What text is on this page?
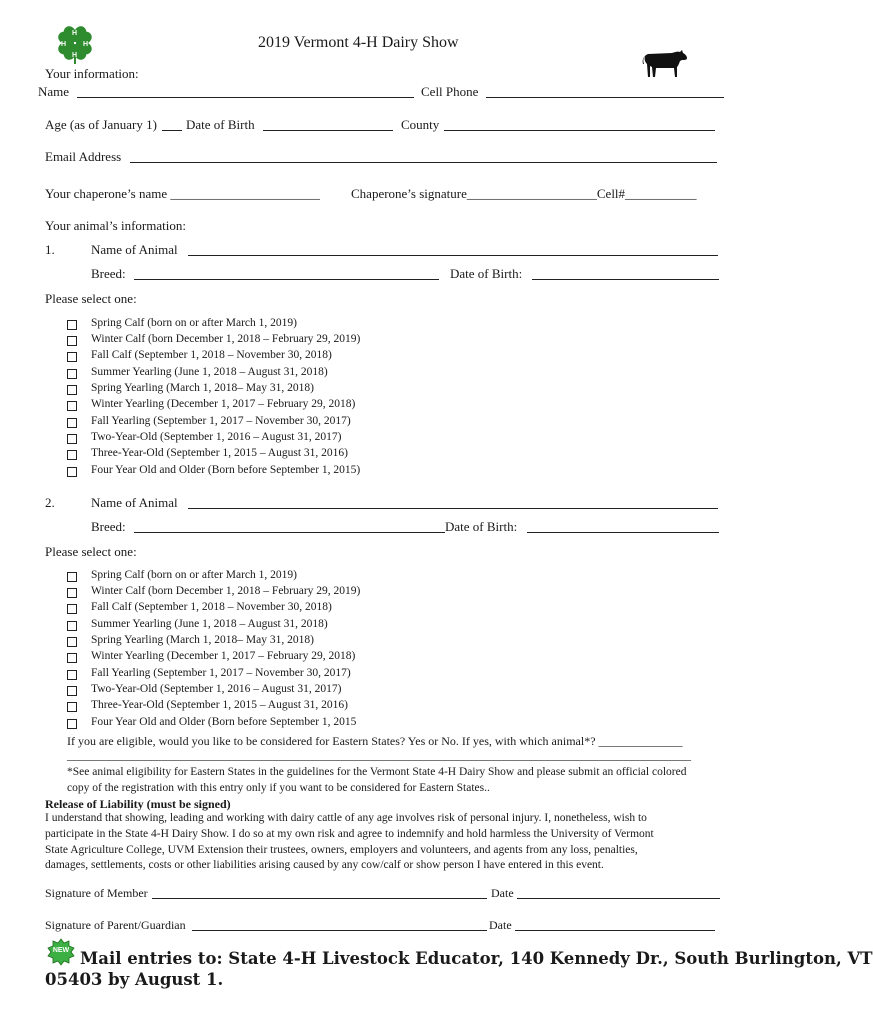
H
H
H H	2019 Vermont 4-H Dairy Show
Your information:
Name	Cell Phone
Age (as of January 1) Date of Birth	County
Email Address
Your chaperone’s name _______________________ Chaperone’s signature____________________Cell#___________
Your animal’s information:
1.	Name of Animal
Breed:	Date of Birth:
Please select one:
Spring Calf (born on or after March 1, 2019)
Winter Calf (born December 1, 2018 – February 29, 2019)
Fall Calf (September 1, 2018 – November 30, 2018)
Summer Yearling (June 1, 2018 – August 31, 2018)
Spring Yearling (March 1, 2018– May 31, 2018)
Winter Yearling (December 1, 2017 – February 29, 2018)
Fall Yearling (September 1, 2017 – November 30, 2017)
Two-Year-Old (September 1, 2016 – August 31, 2017)
Three-Year-Old (September 1, 2015 – August 31, 2016)
Four Year Old and Older (Born before September 1, 2015)
2.	Name of Animal
Breed:	Date of Birth:
Please select one:
Spring Calf (born on or after March 1, 2019)
Winter Calf (born December 1, 2018 – February 29, 2019)
Fall Calf (September 1, 2018 – November 30, 2018)
Summer Yearling (June 1, 2018 – August 31, 2018)
Spring Yearling (March 1, 2018– May 31, 2018)
Winter Yearling (December 1, 2017 – February 29, 2018)
Fall Yearling (September 1, 2017 – November 30, 2017)
Two-Year-Old (September 1, 2016 – August 31, 2017)
Three-Year-Old (September 1, 2015 – August 31, 2016)
Four Year Old and Older (Born before September 1, 2015
If you are eligible, would you like to be considered for Eastern States? Yes or No. If yes, with which animal*? ______________
________________________________________________________________________________________________________
*See animal eligibility for Eastern States in the guidelines for the Vermont State 4-H Dairy Show and please submit an official colored
copy of the registration with this entry only if you want to be considered for Eastern States..
Release of Liability (must be signed)
I understand that showing, leading and working with dairy cattle of any age involves risk of personal injury. I, nonetheless, wish to
participate in the State 4-H Dairy Show. I do so at my own risk and agree to indemnify and hold harmless the University of Vermont
State Agriculture College, UVM Extension their trustees, owners, employers and volunteers, and agents from any loss, penalties,
damages, settlements, costs or other liabilities arising caused by any cow/calf or show person I have entered in this event.
Signature of Member	Date
Signature of Parent/Guardian	Date
NEW Mail entries to: State 4-H Livestock Educator, 140 Kennedy Dr., South Burlington, VT
05403 by August 1.
